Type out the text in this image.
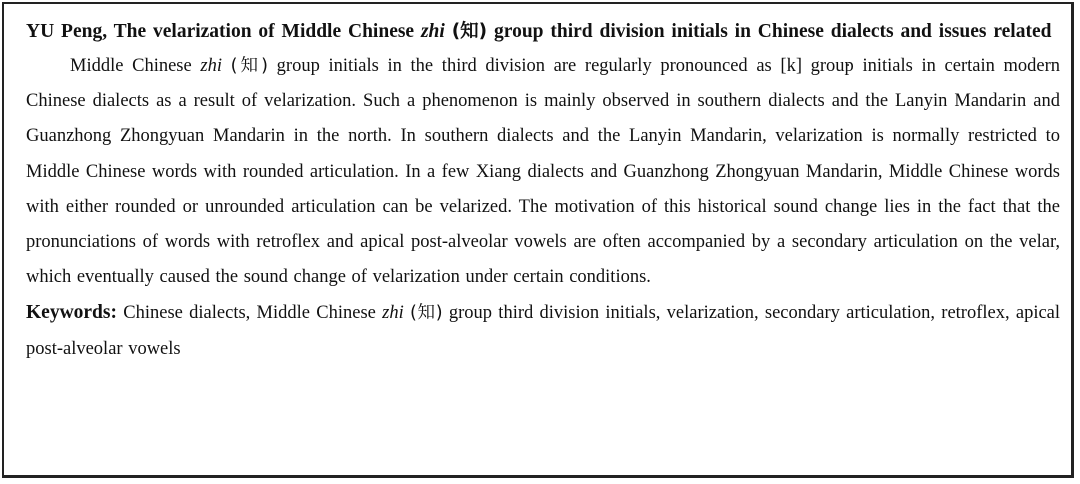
YU Peng, The velarization of Middle Chinese zhi (知) group third division initials in Chinese dialects and issues related

Middle Chinese zhi (知) group initials in the third division are regularly pronounced as [k] group initials in certain modern Chinese dialects as a result of velarization. Such a phenomenon is mainly observed in southern dialects and the Lanyin Mandarin and Guanzhong Zhongyuan Mandarin in the north. In southern dialects and the Lanyin Mandarin, velarization is normally restricted to Middle Chinese words with rounded articulation. In a few Xiang dialects and Guanzhong Zhongyuan Mandarin, Middle Chinese words with either rounded or unrounded articulation can be velarized. The motivation of this historical sound change lies in the fact that the pronunciations of words with retroflex and apical post-alveolar vowels are often accompanied by a secondary articulation on the velar, which eventually caused the sound change of velarization under certain conditions.

Keywords: Chinese dialects, Middle Chinese zhi (知) group third division initials, velarization, secondary articulation, retroflex, apical post-alveolar vowels
